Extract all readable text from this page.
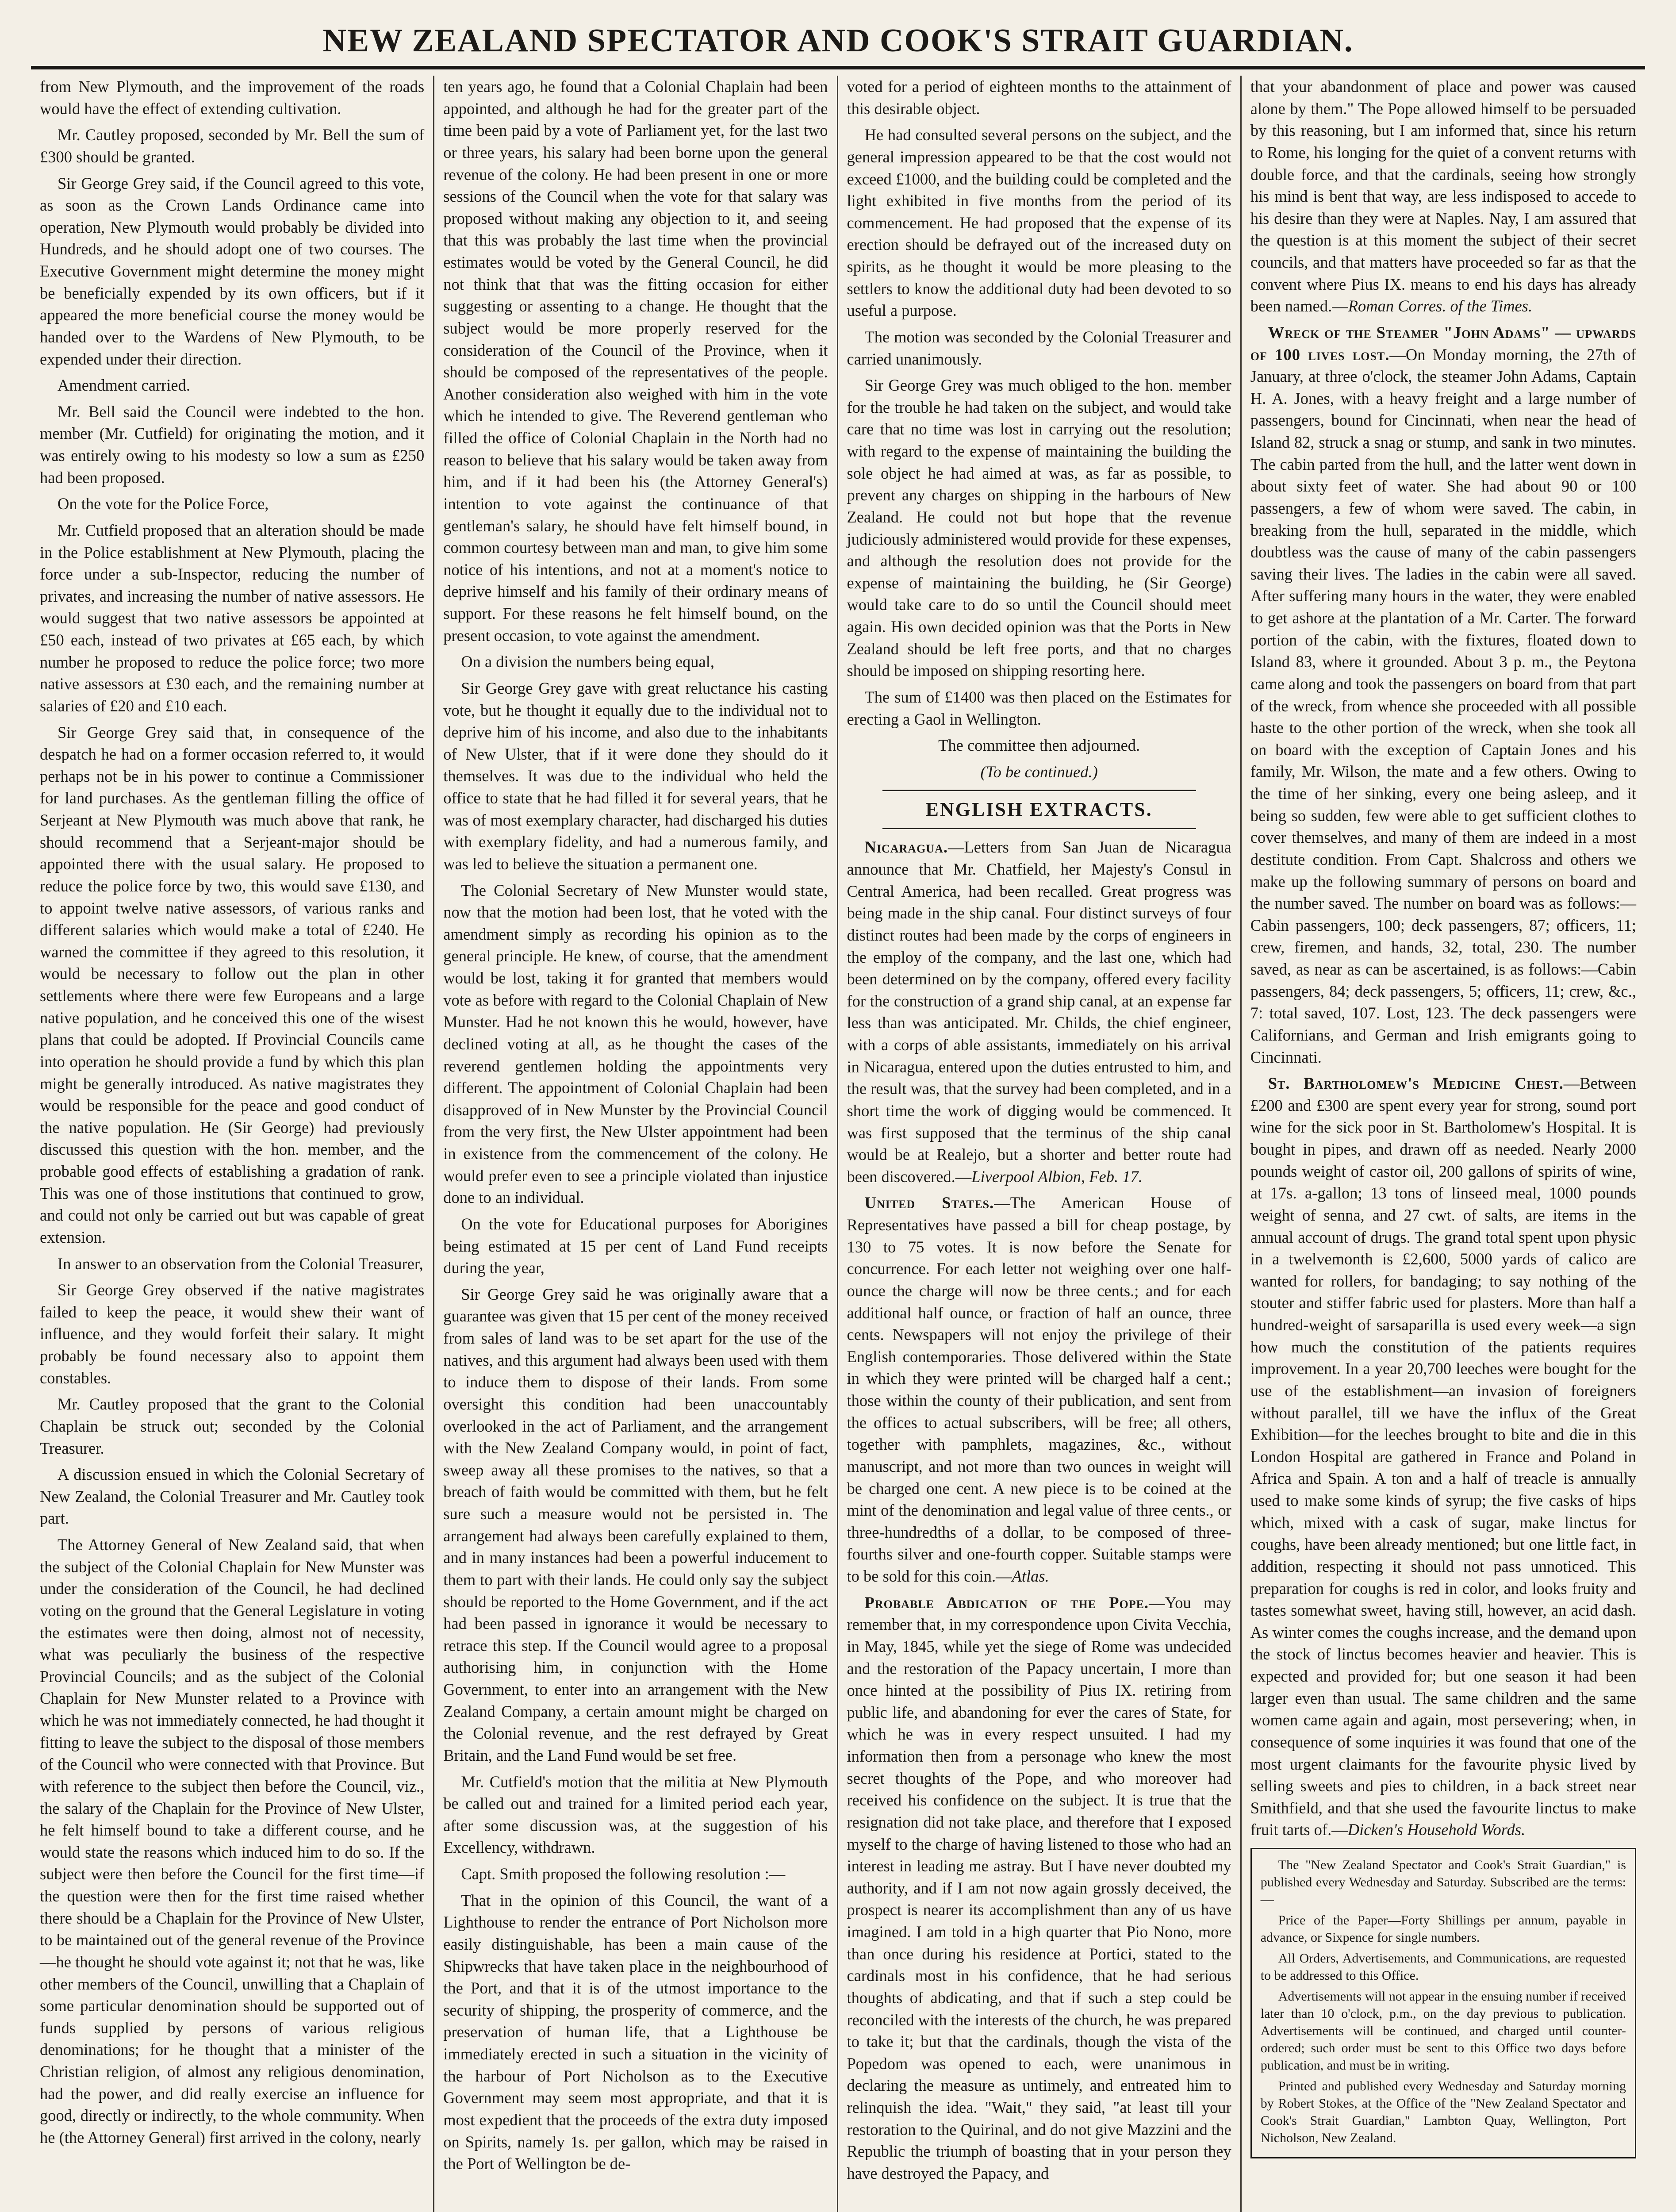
NEW ZEALAND SPECTATOR AND COOK'S STRAIT GUARDIAN.

from New Plymouth, and the improvement of the roads would have the effect of extending cultivation.

Mr. Cautley proposed, seconded by Mr. Bell the sum of £300 should be granted.

Sir George Grey said, if the Council agreed to this vote, as soon as the Crown Lands Ordinance came into operation, New Plymouth would probably be divided into Hundreds, and he should adopt one of two courses. The Executive Government might determine the money might be beneficially expended by its own officers, but if it appeared the more beneficial course the money would be handed over to the Wardens of New Plymouth, to be expended under their direction.

Amendment carried.

Mr. Bell said the Council were indebted to the hon. member (Mr. Cutfield) for originating the motion, and it was entirely owing to his modesty so low a sum as £250 had been proposed.

On the vote for the Police Force,

Mr. Cutfield proposed that an alteration should be made in the Police establishment at New Plymouth, placing the force under a sub-Inspector, reducing the number of privates, and increasing the number of native assessors. He would suggest that two native assessors be appointed at £50 each, instead of two privates at £65 each, by which number he proposed to reduce the police force; two more native assessors at £30 each, and the remaining number at salaries of £20 and £10 each.

Sir George Grey said that, in consequence of the despatch he had on a former occasion referred to, it would perhaps not be in his power to continue a Commissioner for land purchases. As the gentleman filling the office of Serjeant at New Plymouth was much above that rank, he should recommend that a Serjeant-major should be appointed there with the usual salary. He proposed to reduce the police force by two, this would save £130, and to appoint twelve native assessors, of various ranks and different salaries which would make a total of £240. He warned the committee if they agreed to this resolution, it would be necessary to follow out the plan in other settlements where there were few Europeans and a large native population, and he conceived this one of the wisest plans that could be adopted. If Provincial Councils came into operation he should provide a fund by which this plan might be generally introduced. As native magistrates they would be responsible for the peace and good conduct of the native population. He (Sir George) had previously discussed this question with the hon. member, and the probable good effects of establishing a gradation of rank. This was one of those institutions that continued to grow, and could not only be carried out but was capable of great extension.

In answer to an observation from the Colonial Treasurer,

Sir George Grey observed if the native magistrates failed to keep the peace, it would shew their want of influence, and they would forfeit their salary. It might probably be found necessary also to appoint them constables.

Mr. Cautley proposed that the grant to the Colonial Chaplain be struck out; seconded by the Colonial Treasurer.

A discussion ensued in which the Colonial Secretary of New Zealand, the Colonial Treasurer and Mr. Cautley took part.

The Attorney General of New Zealand said, that when the subject of the Colonial Chaplain for New Munster was under the consideration of the Council, he had declined voting on the ground that the General Legislature in voting the estimates were then doing, almost not of necessity, what was peculiarly the business of the respective Provincial Councils; and as the subject of the Colonial Chaplain for New Munster related to a Province with which he was not immediately connected, he had thought it fitting to leave the subject to the disposal of those members of the Council who were connected with that Province. But with reference to the subject then before the Council, viz., the salary of the Chaplain for the Province of New Ulster, he felt himself bound to take a different course, and he would state the reasons which induced him to do so. If the subject were then before the Council for the first time—if the question were then for the first time raised whether there should be a Chaplain for the Province of New Ulster, to be maintained out of the general revenue of the Province—he thought he should vote against it; not that he was, like other members of the Council, unwilling that a Chaplain of some particular denomination should be supported out of funds supplied by persons of various religious denominations; for he thought that a minister of the Christian religion, of almost any religious denomination, had the power, and did really exercise an influence for good, directly or indirectly, to the whole community. When he (the Attorney General) first arrived in the colony, nearly

ten years ago, he found that a Colonial Chaplain had been appointed, and although he had for the greater part of the time been paid by a vote of Parliament yet, for the last two or three years, his salary had been borne upon the general revenue of the colony. He had been present in one or more sessions of the Council when the vote for that salary was proposed without making any objection to it, and seeing that this was probably the last time when the provincial estimates would be voted by the General Council, he did not think that that was the fitting occasion for either suggesting or assenting to a change. He thought that the subject would be more properly reserved for the consideration of the Council of the Province, when it should be composed of the representatives of the people. Another consideration also weighed with him in the vote which he intended to give. The Reverend gentleman who filled the office of Colonial Chaplain in the North had no reason to believe that his salary would be taken away from him, and if it had been his (the Attorney General's) intention to vote against the continuance of that gentleman's salary, he should have felt himself bound, in common courtesy between man and man, to give him some notice of his intentions, and not at a moment's notice to deprive himself and his family of their ordinary means of support. For these reasons he felt himself bound, on the present occasion, to vote against the amendment.

On a division the numbers being equal,

Sir George Grey gave with great reluctance his casting vote, but he thought it equally due to the individual not to deprive him of his income, and also due to the inhabitants of New Ulster, that if it were done they should do it themselves. It was due to the individual who held the office to state that he had filled it for several years, that he was of most exemplary character, had discharged his duties with exemplary fidelity, and had a numerous family, and was led to believe the situation a permanent one.

The Colonial Secretary of New Munster would state, now that the motion had been lost, that he voted with the amendment simply as recording his opinion as to the general principle. He knew, of course, that the amendment would be lost, taking it for granted that members would vote as before with regard to the Colonial Chaplain of New Munster. Had he not known this he would, however, have declined voting at all, as he thought the cases of the reverend gentlemen holding the appointments very different. The appointment of Colonial Chaplain had been disapproved of in New Munster by the Provincial Council from the very first, the New Ulster appointment had been in existence from the commencement of the colony. He would prefer even to see a principle violated than injustice done to an individual.

On the vote for Educational purposes for Aborigines being estimated at 15 per cent of Land Fund receipts during the year,

Sir George Grey said he was originally aware that a guarantee was given that 15 per cent of the money received from sales of land was to be set apart for the use of the natives, and this argument had always been used with them to induce them to dispose of their lands. From some oversight this condition had been unaccountably overlooked in the act of Parliament, and the arrangement with the New Zealand Company would, in point of fact, sweep away all these promises to the natives, so that a breach of faith would be committed with them, but he felt sure such a measure would not be persisted in. The arrangement had always been carefully explained to them, and in many instances had been a powerful inducement to them to part with their lands. He could only say the subject should be reported to the Home Government, and if the act had been passed in ignorance it would be necessary to retrace this step. If the Council would agree to a proposal authorising him, in conjunction with the Home Government, to enter into an arrangement with the New Zealand Company, a certain amount might be charged on the Colonial revenue, and the rest defrayed by Great Britain, and the Land Fund would be set free.

Mr. Cutfield's motion that the militia at New Plymouth be called out and trained for a limited period each year, after some discussion was, at the suggestion of his Excellency, withdrawn.

Capt. Smith proposed the following resolution :—

That in the opinion of this Council, the want of a Lighthouse to render the entrance of Port Nicholson more easily distinguishable, has been a main cause of the Shipwrecks that have taken place in the neighbourhood of the Port, and that it is of the utmost importance to the security of shipping, the prosperity of commerce, and the preservation of human life, that a Lighthouse be immediately erected in such a situation in the vicinity of the harbour of Port Nicholson as to the Executive Government may seem most appropriate, and that it is most expedient that the proceeds of the extra duty imposed on Spirits, namely 1s. per gallon, which may be raised in the Port of Wellington be de-

voted for a period of eighteen months to the attainment of this desirable object.

He had consulted several persons on the subject, and the general impression appeared to be that the cost would not exceed £1000, and the building could be completed and the light exhibited in five months from the period of its commencement. He had proposed that the expense of its erection should be defrayed out of the increased duty on spirits, as he thought it would be more pleasing to the settlers to know the additional duty had been devoted to so useful a purpose.

The motion was seconded by the Colonial Treasurer and carried unanimously.

Sir George Grey was much obliged to the hon. member for the trouble he had taken on the subject, and would take care that no time was lost in carrying out the resolution; with regard to the expense of maintaining the building the sole object he had aimed at was, as far as possible, to prevent any charges on shipping in the harbours of New Zealand. He could not but hope that the revenue judiciously administered would provide for these expenses, and although the resolution does not provide for the expense of maintaining the building, he (Sir George) would take care to do so until the Council should meet again. His own decided opinion was that the Ports in New Zealand should be left free ports, and that no charges should be imposed on shipping resorting here.

The sum of £1400 was then placed on the Estimates for erecting a Gaol in Wellington.

The committee then adjourned.

(To be continued.)

ENGLISH EXTRACTS.

Nicaragua.—Letters from San Juan de Nicaragua announce that Mr. Chatfield, her Majesty's Consul in Central America, had been recalled. Great progress was being made in the ship canal. Four distinct surveys of four distinct routes had been made by the corps of engineers in the employ of the company, and the last one, which had been determined on by the company, offered every facility for the construction of a grand ship canal, at an expense far less than was anticipated. Mr. Childs, the chief engineer, with a corps of able assistants, immediately on his arrival in Nicaragua, entered upon the duties entrusted to him, and the result was, that the survey had been completed, and in a short time the work of digging would be commenced. It was first supposed that the terminus of the ship canal would be at Realejo, but a shorter and better route had been discovered.—Liverpool Albion, Feb. 17.

United States.—The American House of Representatives have passed a bill for cheap postage, by 130 to 75 votes. It is now before the Senate for concurrence. For each letter not weighing over one half-ounce the charge will now be three cents.; and for each additional half ounce, or fraction of half an ounce, three cents. Newspapers will not enjoy the privilege of their English contemporaries. Those delivered within the State in which they were printed will be charged half a cent.; those within the county of their publication, and sent from the offices to actual subscribers, will be free; all others, together with pamphlets, magazines, &c., without manuscript, and not more than two ounces in weight will be charged one cent. A new piece is to be coined at the mint of the denomination and legal value of three cents., or three-hundredths of a dollar, to be composed of three-fourths silver and one-fourth copper. Suitable stamps were to be sold for this coin.—Atlas.

Probable Abdication of the Pope.—You may remember that, in my correspondence upon Civita Vecchia, in May, 1845, while yet the siege of Rome was undecided and the restoration of the Papacy uncertain, I more than once hinted at the possibility of Pius IX. retiring from public life, and abandoning for ever the cares of State, for which he was in every respect unsuited. I had my information then from a personage who knew the most secret thoughts of the Pope, and who moreover had received his confidence on the subject. It is true that the resignation did not take place, and therefore that I exposed myself to the charge of having listened to those who had an interest in leading me astray. But I have never doubted my authority, and if I am not now again grossly deceived, the prospect is nearer its accomplishment than any of us have imagined. I am told in a high quarter that Pio Nono, more than once during his residence at Portici, stated to the cardinals most in his confidence, that he had serious thoughts of abdicating, and that if such a step could be reconciled with the interests of the church, he was prepared to take it; but that the cardinals, though the vista of the Popedom was opened to each, were unanimous in declaring the measure as untimely, and entreated him to relinquish the idea. "Wait," they said, "at least till your restoration to the Quirinal, and do not give Mazzini and the Republic the triumph of boasting that in your person they have destroyed the Papacy, and

that your abandonment of place and power was caused alone by them." The Pope allowed himself to be persuaded by this reasoning, but I am informed that, since his return to Rome, his longing for the quiet of a convent returns with double force, and that the cardinals, seeing how strongly his mind is bent that way, are less indisposed to accede to his desire than they were at Naples. Nay, I am assured that the question is at this moment the subject of their secret councils, and that matters have proceeded so far as that the convent where Pius IX. means to end his days has already been named.—Roman Corres. of the Times.

Wreck of the Steamer "John Adams" — upwards of 100 lives lost.—On Monday morning, the 27th of January, at three o'clock, the steamer John Adams, Captain H. A. Jones, with a heavy freight and a large number of passengers, bound for Cincinnati, when near the head of Island 82, struck a snag or stump, and sank in two minutes. The cabin parted from the hull, and the latter went down in about sixty feet of water. She had about 90 or 100 passengers, a few of whom were saved. The cabin, in breaking from the hull, separated in the middle, which doubtless was the cause of many of the cabin passengers saving their lives. The ladies in the cabin were all saved. After suffering many hours in the water, they were enabled to get ashore at the plantation of a Mr. Carter. The forward portion of the cabin, with the fixtures, floated down to Island 83, where it grounded. About 3 p. m., the Peytona came along and took the passengers on board from that part of the wreck, from whence she proceeded with all possible haste to the other portion of the wreck, when she took all on board with the exception of Captain Jones and his family, Mr. Wilson, the mate and a few others. Owing to the time of her sinking, every one being asleep, and it being so sudden, few were able to get sufficient clothes to cover themselves, and many of them are indeed in a most destitute condition. From Capt. Shalcross and others we make up the following summary of persons on board and the number saved. The number on board was as follows:—Cabin passengers, 100; deck passengers, 87; officers, 11; crew, firemen, and hands, 32, total, 230. The number saved, as near as can be ascertained, is as follows:—Cabin passengers, 84; deck passengers, 5; officers, 11; crew, &c., 7: total saved, 107. Lost, 123. The deck passengers were Californians, and German and Irish emigrants going to Cincinnati.

St. Bartholomew's Medicine Chest.—Between £200 and £300 are spent every year for strong, sound port wine for the sick poor in St. Bartholomew's Hospital. It is bought in pipes, and drawn off as needed. Nearly 2000 pounds weight of castor oil, 200 gallons of spirits of wine, at 17s. a-gallon; 13 tons of linseed meal, 1000 pounds weight of senna, and 27 cwt. of salts, are items in the annual account of drugs. The grand total spent upon physic in a twelvemonth is £2,600, 5000 yards of calico are wanted for rollers, for bandaging; to say nothing of the stouter and stiffer fabric used for plasters. More than half a hundred-weight of sarsaparilla is used every week—a sign how much the constitution of the patients requires improvement. In a year 20,700 leeches were bought for the use of the establishment—an invasion of foreigners without parallel, till we have the influx of the Great Exhibition—for the leeches brought to bite and die in this London Hospital are gathered in France and Poland in Africa and Spain. A ton and a half of treacle is annually used to make some kinds of syrup; the five casks of hips which, mixed with a cask of sugar, make linctus for coughs, have been already mentioned; but one little fact, in addition, respecting it should not pass unnoticed. This preparation for coughs is red in color, and looks fruity and tastes somewhat sweet, having still, however, an acid dash. As winter comes the coughs increase, and the demand upon the stock of linctus becomes heavier and heavier. This is expected and provided for; but one season it had been larger even than usual. The same children and the same women came again and again, most persevering; when, in consequence of some inquiries it was found that one of the most urgent claimants for the favourite physic lived by selling sweets and pies to children, in a back street near Smithfield, and that she used the favourite linctus to make fruit tarts of.—Dicken's Household Words.

The "New Zealand Spectator and Cook's Strait Guardian," is published every Wednesday and Saturday. Subscribed are the terms:—

Price of the Paper—Forty Shillings per annum, payable in advance, or Sixpence for single numbers.

All Orders, Advertisements, and Communications, are requested to be addressed to this Office.

Advertisements will not appear in the ensuing number if received later than 10 o'clock, p.m., on the day previous to publication. Advertisements will be continued, and charged until counter-ordered; such order must be sent to this Office two days before publication, and must be in writing.

Printed and published every Wednesday and Saturday morning by Robert Stokes, at the Office of the "New Zealand Spectator and Cook's Strait Guardian," Lambton Quay, Wellington, Port Nicholson, New Zealand.
